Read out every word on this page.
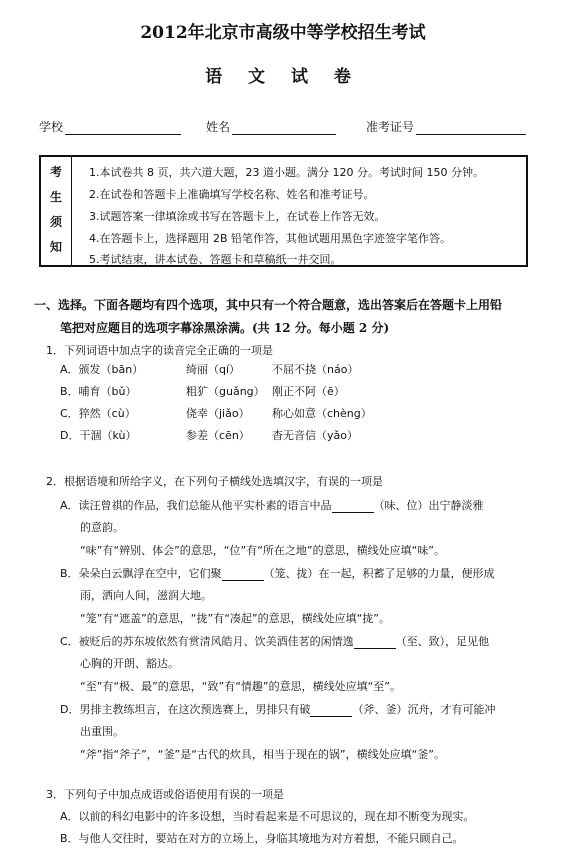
2012年北京市高级中等学校招生考试
语 文 试 卷
学校	姓名	准考证号
考
生
须
知
1.本试卷共 8 页，共六道大题，23 道小题。满分 120 分。考试时间 150 分钟。
2.在试卷和答题卡上准确填写学校名称、姓名和准考证号。
3.试题答案一律填涂或书写在答题卡上，在试卷上作答无效。
4.在答题卡上，选择题用 2B 铅笔作答，其他试题用黑色字迹签字笔作答。
5.考试结束，讲本试卷、答题卡和草稿纸一并交回。
一、选择。下面各题均有四个选项，其中只有一个符合题意，选出答案后在答题卡上用铅
笔把对应题目的选项字幕涂黑涂满。(共 12 分。每小题 2 分)
1．下列词语中加点字的读音完全正确的一项是
A．颁发（bān）	绮丽（qí）	不屈不挠（náo）
B．哺育（bǔ）	粗犷（guǎng） 刚正不阿（ē）
C．猝然（cù）	侥幸（jiǎo） 称心如意（chèng）
D．干涸（kù）	参差（cēn） 杳无音信（yǎo）
2．根据语境和所给字义，在下列句子横线处选填汉字，有误的一项是
A．读汪曾祺的作品，我们总能从他平实朴素的语言中品	（味、位）出宁静淡雅
的意韵。
“味”有“辨别、体会”的意思，“位”有“所在之地”的意思，横线处应填“味”。
B．朵朵白云飘浮在空中，它们聚	（笼、拢）在一起，积蓄了足够的力量，便形成
雨，洒向人间，滋润大地。
“笼”有“遮盖”的意思，“拢”有“凑起”的意思，横线处应填“拢”。
C．被贬后的苏东坡依然有赏清风皓月、饮美酒佳茗的闲情逸	（至、致），足见他
心胸的开朗、豁达。
“至”有“极、最”的意思，“致”有“情趣”的意思，横线处应填“至”。
D．男排主教练坦言，在这次预选赛上，男排只有破	（斧、釜）沉舟，才有可能冲
出重围。
“斧”指“斧子”，“釜”是“古代的炊具，相当于现在的锅”，横线处应填“釜”。
3．下列句子中加点成语或俗语使用有误的一项是
A．以前的科幻电影中的许多设想，当时看起来是不可思议的，现在却不断变为现实。
B．与他人交往时，要站在对方的立场上，身临其境地为对方着想，不能只顾自己。
